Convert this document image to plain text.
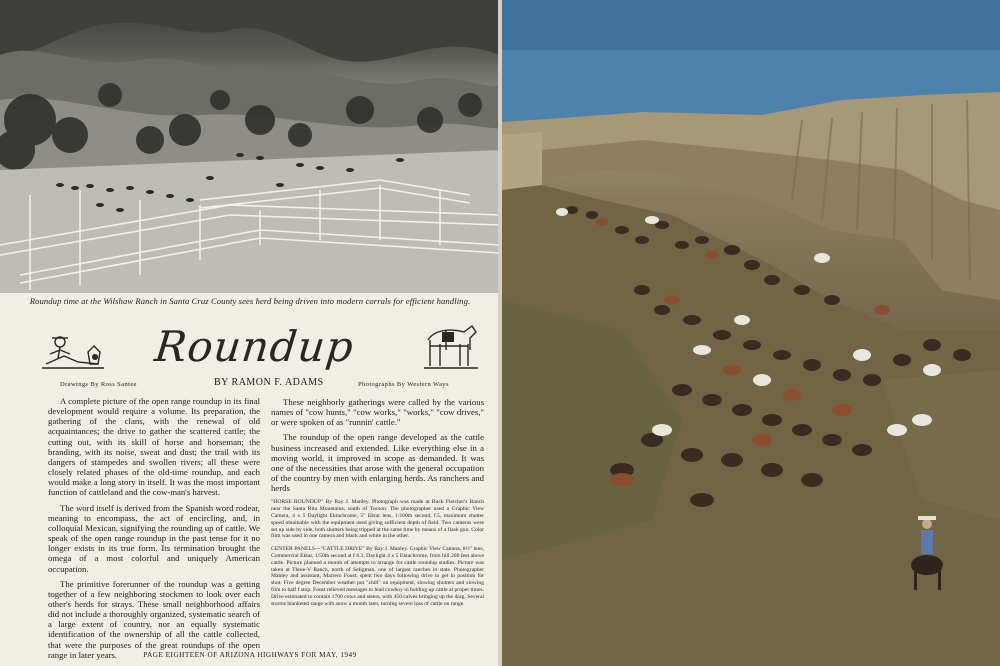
Roundup time at the Wilshaw Ranch in Santa Cruz County sees herd being driven into modern corrals for efficient handling.
Roundup
Drawings By Ross Santee	BY RAMON F. ADAMS	Photographs By Western Ways

A complete picture of the open range roundup in its final development would require a volume. Its preparation, the gathering of the clans, with the renewal of old acquaintances; the drive to gather the scattered cattle; the cutting out, with its skill of horse and horseman; the branding, with its noise, sweat and dust; the trail with its dangers of stampedes and swollen rivers; all these were closely related phases of the old-time roundup, and each would make a long story in itself. It was the most important function of cattleland and the cow-man's harvest.

The word itself is derived from the Spanish word rodear, meaning to encompass, the act of encircling, and, in colloquial Mexican, signifying the rounding up of cattle. We speak of the open range roundup in the past tense for it no longer exists in its true form. Its termination brought the omega of a most colorful and uniquely American occupation.

The primitive forerunner of the roundup was a getting together of a few neighboring stockmen to look over each other's herds for strays. These small neighborhood affairs did not include a thoroughly organized, systematic search of a large extent of country, nor an equally systematic identification of the ownership of all the cattle collected, that were the purposes of the great roundups of the open range in later years.

These neighborly gatherings were called by the various names of "cow hunts," "cow works," "works," "cow drives," or were spoken of as "runnin' cattle."

The roundup of the open range developed as the cattle business increased and extended. Like everything else in a moving world, it improved in scope as demanded. It was one of the necessities that arose with the general occupation of the country by men with enlarging herds. As ranchers and herds

"HORSE ROUNDUP" By Ray J. Manley. Photograph was made at Buck Fletcher's Ranch near the Santa Rita Mountains, south of Tucson. The photographer used a Graphic View Camera, 4 x 5 Daylight Ektachrome, 5" Ektar lens, 1/100th second, f.5, maximum shutter speed obtainable with the equipment used giving sufficient depth of field. Two cameras were set up side by side, both shutters being tripped at the same time by means of a flash gun. Color film was used in one camera and black and white in the other.

CENTER PANELS—"CATTLE DRIVE" By Ray J. Manley. Graphic View Camera, 8½" lens, Commercial Ektar, 1/50th second at f 6.3, Daylight 4 x 5 Ektachrome, from hill 200 feet above cattle. Picture planned a month of attempts to arrange for cattle roundup studies. Picture was taken at Three-V Ranch, north of Seligman, one of largest ranches in state. Photographer Manley and assistant, Marrero Foust, spent two days following drive to get in position for shot. Five degree December weather put "chill" on equipment, slowing shutters and slowing film to half f stop. Foust relieved messages to lead cowboy in holding up cattle at proper times. Drive estimated to contain 1700 cows and steers, with 450 calves bringing up the drag. Several storms blanketed range with snow a month later, turning severe loss of cattle on range.

PAGE EIGHTEEN OF ARIZONA HIGHWAYS FOR MAY, 1949
